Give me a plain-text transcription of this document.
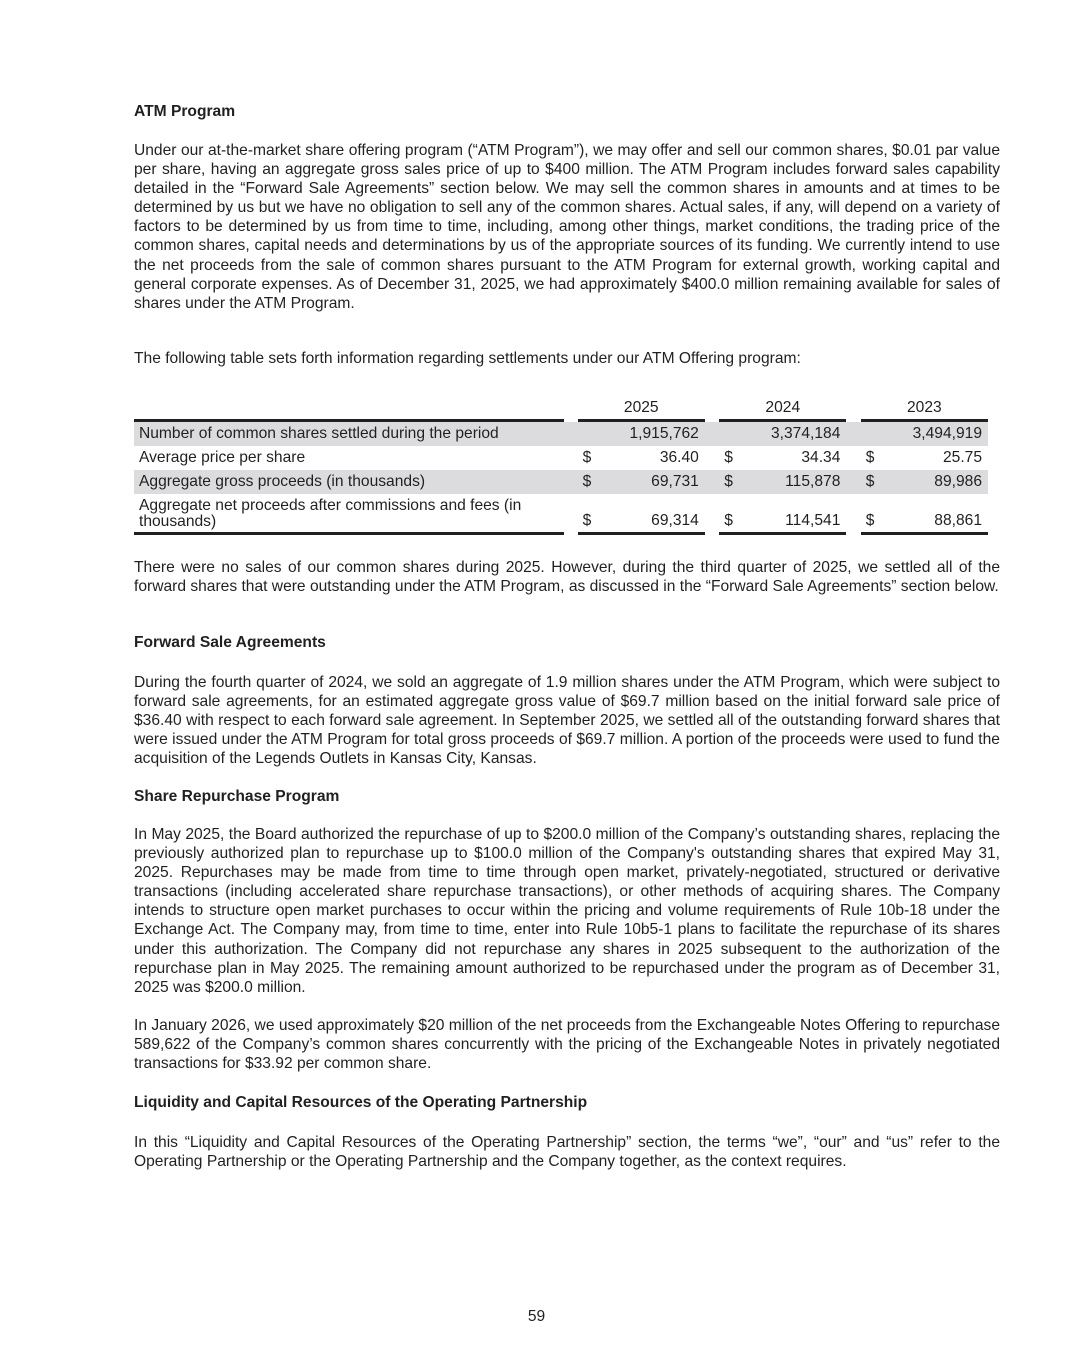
ATM Program

Under our at-the-market share offering program (“ATM Program”), we may offer and sell our common shares, $0.01 par value per share, having an aggregate gross sales price of up to $400 million. The ATM Program includes forward sales capability detailed in the “Forward Sale Agreements” section below. We may sell the common shares in amounts and at times to be determined by us but we have no obligation to sell any of the common shares. Actual sales, if any, will depend on a variety of factors to be determined by us from time to time, including, among other things, market conditions, the trading price of the common shares, capital needs and determinations by us of the appropriate sources of its funding. We currently intend to use the net proceeds from the sale of common shares pursuant to the ATM Program for external growth, working capital and general corporate expenses. As of December 31, 2025, we had approximately $400.0 million remaining available for sales of shares under the ATM Program.

The following table sets forth information regarding settlements under our ATM Offering program:

		2025			2024			2023	
Number of common shares settled during the period			1,915,762			3,374,184			3,494,919
Average price per share		$	36.40		$	34.34		$	25.75
Aggregate gross proceeds (in thousands)		$	69,731		$	115,878		$	89,986
Aggregate net proceeds after commissions and fees (in thousands)		$	69,314		$	114,541		$	88,861

There were no sales of our common shares during 2025. However, during the third quarter of 2025, we settled all of the forward shares that were outstanding under the ATM Program, as discussed in the “Forward Sale Agreements” section below.

Forward Sale Agreements

During the fourth quarter of 2024, we sold an aggregate of 1.9 million shares under the ATM Program, which were subject to forward sale agreements, for an estimated aggregate gross value of $69.7 million based on the initial forward sale price of $36.40 with respect to each forward sale agreement. In September 2025, we settled all of the outstanding forward shares that were issued under the ATM Program for total gross proceeds of $69.7 million. A portion of the proceeds were used to fund the acquisition of the Legends Outlets in Kansas City, Kansas.

Share Repurchase Program

In May 2025, the Board authorized the repurchase of up to $200.0 million of the Company’s outstanding shares, replacing the previously authorized plan to repurchase up to $100.0 million of the Company's outstanding shares that expired May 31, 2025. Repurchases may be made from time to time through open market, privately-negotiated, structured or derivative transactions (including accelerated share repurchase transactions), or other methods of acquiring shares. The Company intends to structure open market purchases to occur within the pricing and volume requirements of Rule 10b-18 under the Exchange Act. The Company may, from time to time, enter into Rule 10b5-1 plans to facilitate the repurchase of its shares under this authorization. The Company did not repurchase any shares in 2025 subsequent to the authorization of the repurchase plan in May 2025. The remaining amount authorized to be repurchased under the program as of December 31, 2025 was $200.0 million.

In January 2026, we used approximately $20 million of the net proceeds from the Exchangeable Notes Offering to repurchase 589,622 of the Company’s common shares concurrently with the pricing of the Exchangeable Notes in privately negotiated transactions for $33.92 per common share.

Liquidity and Capital Resources of the Operating Partnership

In this “Liquidity and Capital Resources of the Operating Partnership” section, the terms “we”, “our” and “us” refer to the Operating Partnership or the Operating Partnership and the Company together, as the context requires.

59
